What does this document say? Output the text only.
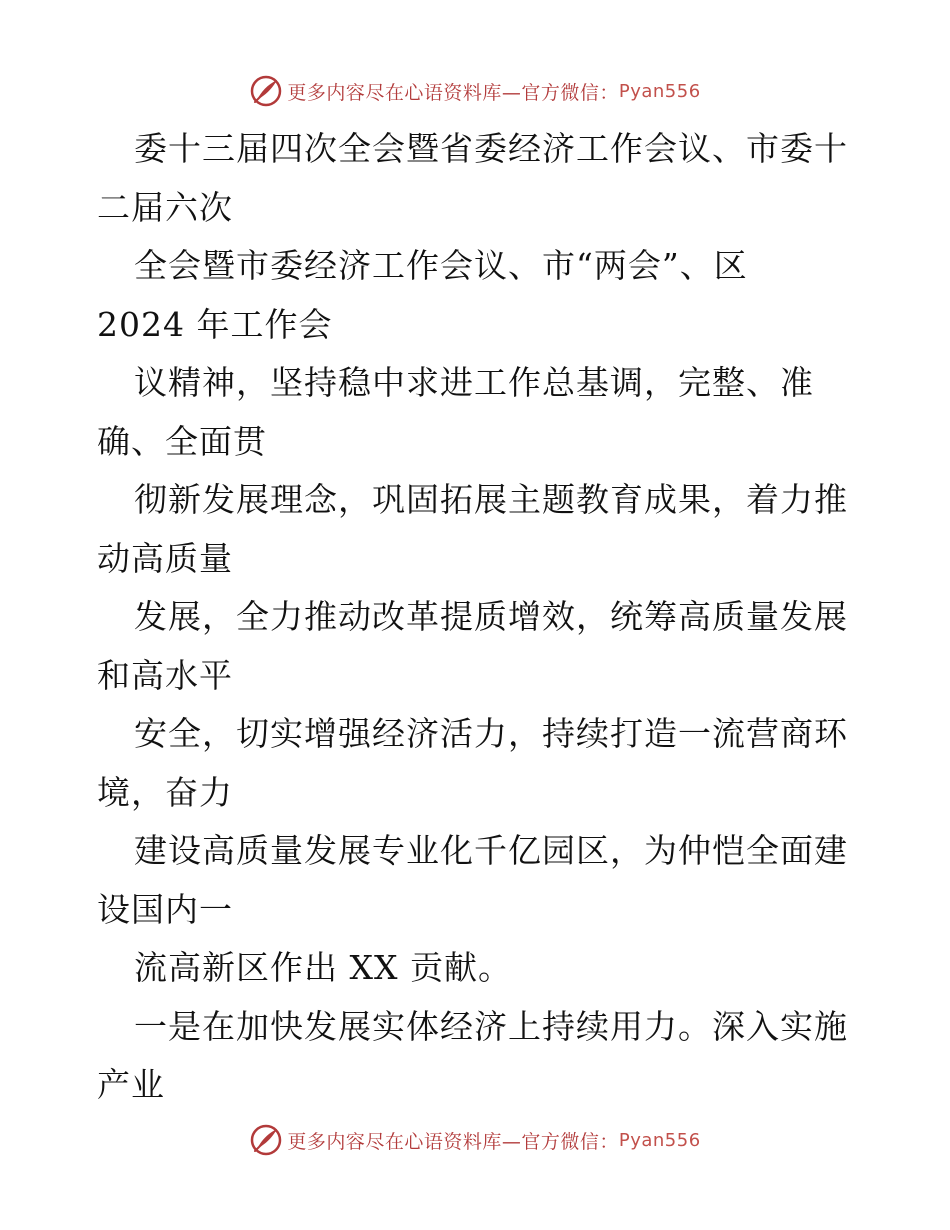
更多内容尽在心语资料库—官方微信： Pyan556
委十三届四次全会暨省委经济工作会议、市委十
二届六次
全会暨市委经济工作会议、市“两会”、区
2024 年工作会
议精神，坚持稳中求进工作总基调，完整、准
确、全面贯
彻新发展理念，巩固拓展主题教育成果，着力推
动高质量
发展，全力推动改革提质增效，统筹高质量发展
和高水平
安全，切实增强经济活力，持续打造一流营商环
境，奋力
建设高质量发展专业化千亿园区，为仲恺全面建
设国内一
流高新区作出 XX 贡献。
一是在加快发展实体经济上持续用力。深入实施
产业
更多内容尽在心语资料库—官方微信： Pyan556
